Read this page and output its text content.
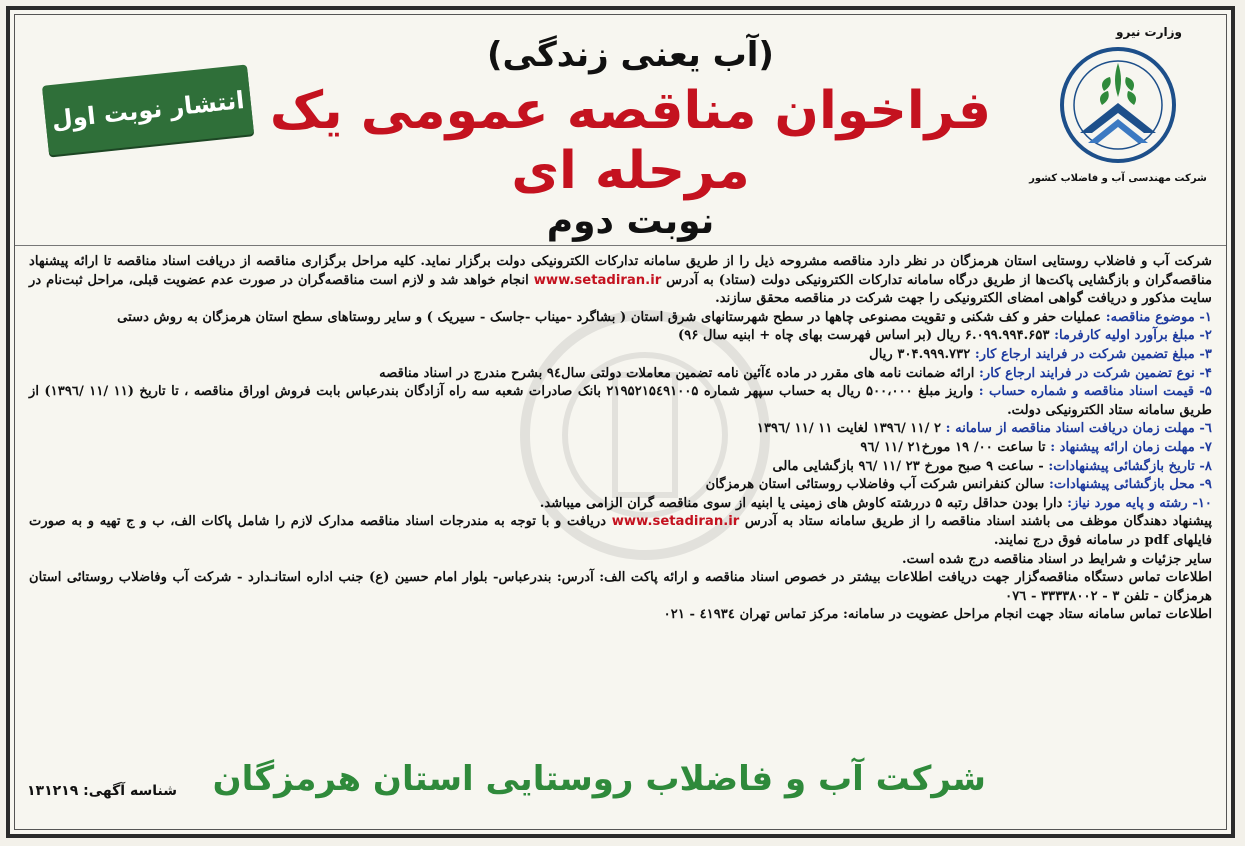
وزارت نیرو
شرکت مهندسی آب و فاضلاب کشور
(آب یعنی زندگی)
فراخوان مناقصه عمومی یک مرحله ای
نوبت دوم
انتشار نوبت اول

شرکت آب و فاضلاب روستایی استان هرمزگان در نظر دارد مناقصه مشروحه ذیل را از طریق سامانه تدارکات الکترونیکی دولت برگزار نماید. کلیه مراحل برگزاری مناقصه از دریافت اسناد مناقصه تا ارائه پیشنهاد مناقصه‌گران و بازگشایی پاکت‌ها از طریق درگاه سامانه تدارکات الکترونیکی دولت (ستاد) به آدرس www.setadiran.ir انجام خواهد شد و لازم است مناقصه‌گران در صورت عدم عضویت قبلی، مراحل ثبت‌نام در سایت مذکور و دریافت گواهی امضای الکترونیکی را جهت شرکت در مناقصه محقق سازند.

۱- موضوع مناقصه: عملیات حفر و کف شکنی و تقویت مصنوعی چاهها در سطح شهرستانهای شرق استان ( بشاگرد -میناب -جاسک - سیریک ) و سایر روستاهای سطح استان هرمزگان به روش دستی

۲- مبلغ برآورد اولیه کارفرما: ۶.۰۹۹.۹۹۴.۶۵۳ ریال (بر اساس فهرست بهای چاه + ابنیه سال ۹۶)

۳- مبلغ تضمین شرکت در فرایند ارجاع کار: ۳۰۴.۹۹۹.۷۳۲ ریال

۴- نوع تضمین شرکت در فرایند ارجاع کار: ارائه ضمانت نامه های مقرر در ماده ٤آئین نامه تضمین معاملات دولتی سال۹٤ بشرح مندرج در اسناد مناقصه

۵- قیمت اسناد مناقصه و شماره حساب : واریز مبلغ ۵۰۰،۰۰۰ ریال به حساب سپهر شماره ۲۱۹۵۲۱۵٤۹۱۰۰۵ بانک صادرات شعبه سه راه آزادگان بندرعباس بابت فروش اوراق مناقصه ، تا تاریخ (۱۱ /۱۱ /۱۳۹٦) از طریق سامانه ستاد الکترونیکی دولت.

٦- مهلت زمان دریافت اسناد مناقصه از سامانه : ۲ /۱۱ /۱۳۹٦ لغایت ۱۱ /۱۱ /۱۳۹٦

۷- مهلت زمان ارائه پیشنهاد : تا ساعت ۰۰/ ۱۹ مورخ۲۱ /۱۱ /۹٦

۸- تاریخ بازگشائی پیشنهادات: - ساعت ۹ صبح مورخ ۲۳ /۱۱ /۹٦ بازگشایی مالی

۹- محل بازگشائی پیشنهادات: سالن کنفرانس شرکت آب وفاضلاب روستائی استان هرمزگان

۱۰- رشته و پایه مورد نیاز: دارا بودن حداقل رتبه ۵ دررشته کاوش های زمینی یا ابنیه از سوی مناقصه گران الزامی میباشد.

پیشنهاد دهندگان موظف می باشند اسناد مناقصه را از طریق سامانه ستاد به آدرس www.setadiran.ir دریافت و با توجه به مندرجات اسناد مناقصه مدارک لازم را شامل پاکات الف، ب و ج تهیه و به صورت فایلهای pdf در سامانه فوق درج نمایند.

سایر جزئیات و شرایط در اسناد مناقصه درج شده است.

اطلاعات تماس دستگاه مناقصه‌گزار جهت دریافت اطلاعات بیشتر در خصوص اسناد مناقصه و ارائه پاکت الف: آدرس: بندرعباس- بلوار امام حسین (ع) جنب اداره استانـدارد - شرکت آب وفاضلاب روستائی استان هرمزگان - تلفن ۳ - ۳۳۳۳۸۰۰۲ - ۰۷٦

اطلاعات تماس سامانه ستاد جهت انجام مراحل عضویت در سامانه: مرکز تماس تهران ٤۱۹۳٤ - ۰۲۱

شرکت آب و فاضلاب روستایی استان هرمزگان
شناسه آگهی: ۱۳۱۲۱۹
